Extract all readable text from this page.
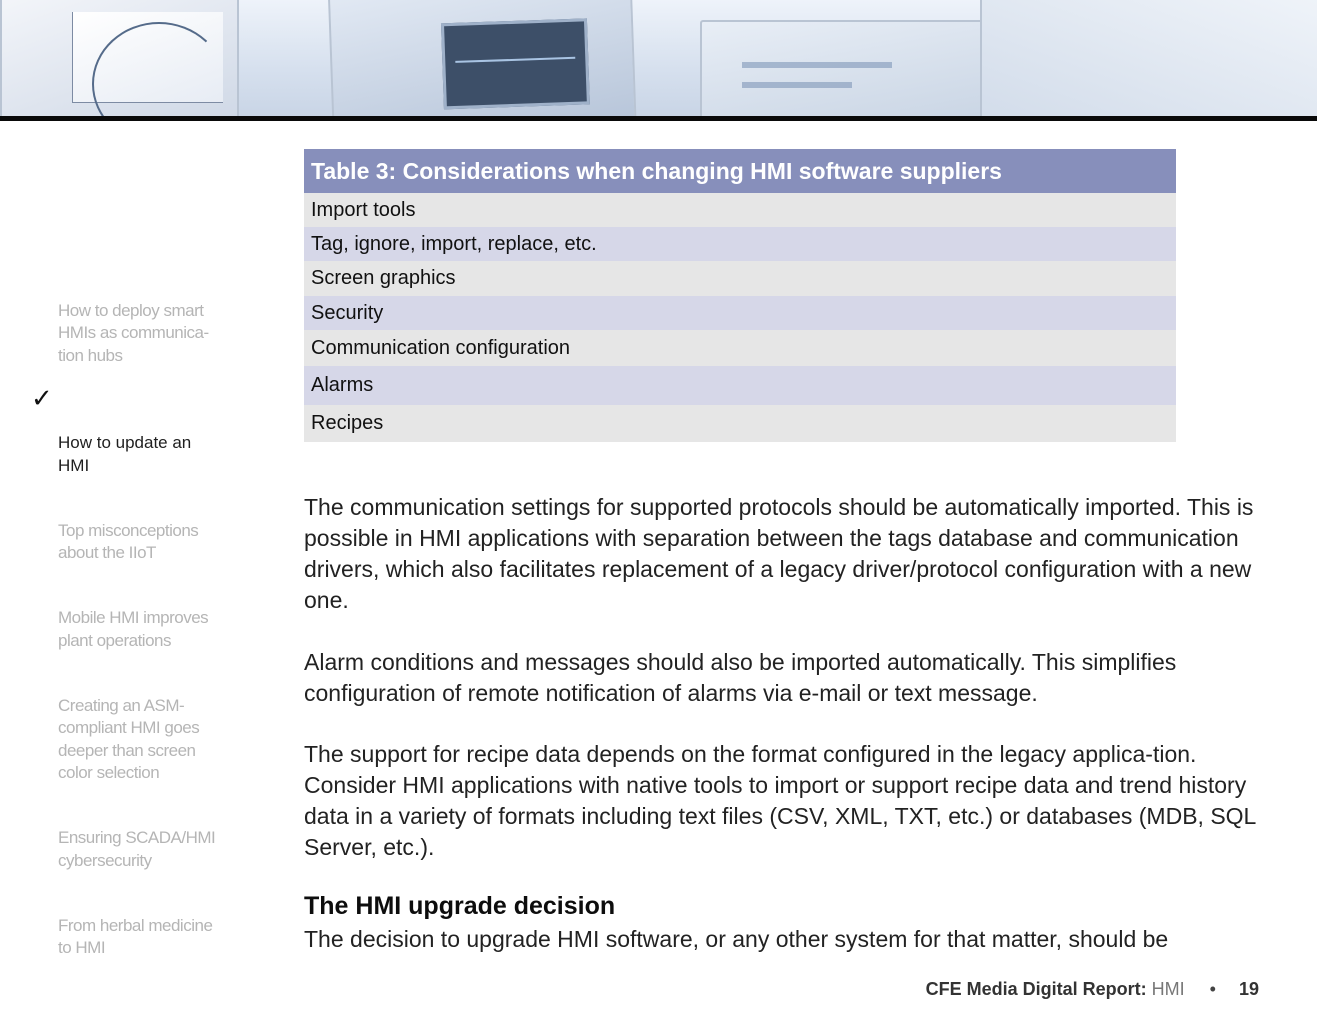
How to deploy smart
HMIs as communica-
tion hubs

✓

How to update an
HMI

Top misconceptions
about the IIoT

Mobile HMI improves
plant operations

Creating an ASM-
compliant HMI goes
deeper than screen
color selection

Ensuring SCADA/HMI
cybersecurity

From herbal medicine
to HMI

Table 3: Considerations when changing HMI software suppliers
Import tools
Tag, ignore, import, replace, etc.
Screen graphics
Security
Communication configuration
Alarms
Recipes

The communication settings for supported protocols should be automatically imported. This is possible in HMI applications with separation between the tags database and communication drivers, which also facilitates replacement of a legacy driver/protocol configuration with a new one.

Alarm conditions and messages should also be imported automatically. This simplifies configuration of remote notification of alarms via e-mail or text message.

The support for recipe data depends on the format configured in the legacy applica-tion. Consider HMI applications with native tools to import or support recipe data and trend history data in a variety of formats including text files (CSV, XML, TXT, etc.) or databases (MDB, SQL Server, etc.).

The HMI upgrade decision

The decision to upgrade HMI software, or any other system for that matter, should be

CFE Media Digital Report: HMI • 19
